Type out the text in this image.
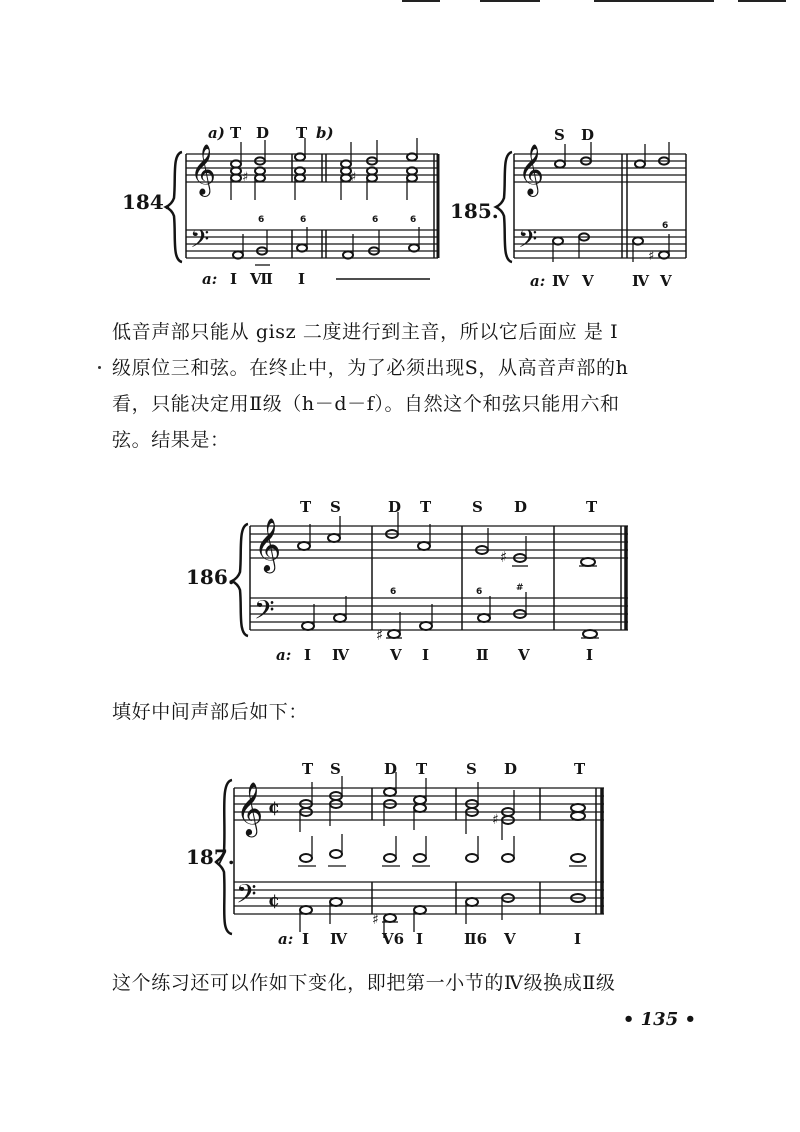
184.
𝄞
𝄢
a) T D T b)
♯	♯
6	6	6	6
a: I Ⅶ I
185.
𝄞
𝄢
S D
♯
6
a: Ⅳ V	Ⅳ V

低音声部只能从 gisz 二度进行到主音，所以它后面应 是 I
级原位三和弦。在终止中，为了必须出现S，从高音声部的h
看，只能决定用Ⅱ级（h－d－f）。自然这个和弦只能用六和
弦。结果是：

186.
𝄞
𝄢
T S	D T	S D	T
♯
♯
6	6	#
a: I Ⅳ	V I	Ⅱ V	I

填好中间声部后如下：

187.
𝄞
𝄢
¢
¢
T S	D T	S D	T
♯
♯
a: I Ⅳ V6 I	Ⅱ6 V	I

这个练习还可以作如下变化，即把第一小节的Ⅳ级换成Ⅱ级

• 135 •
